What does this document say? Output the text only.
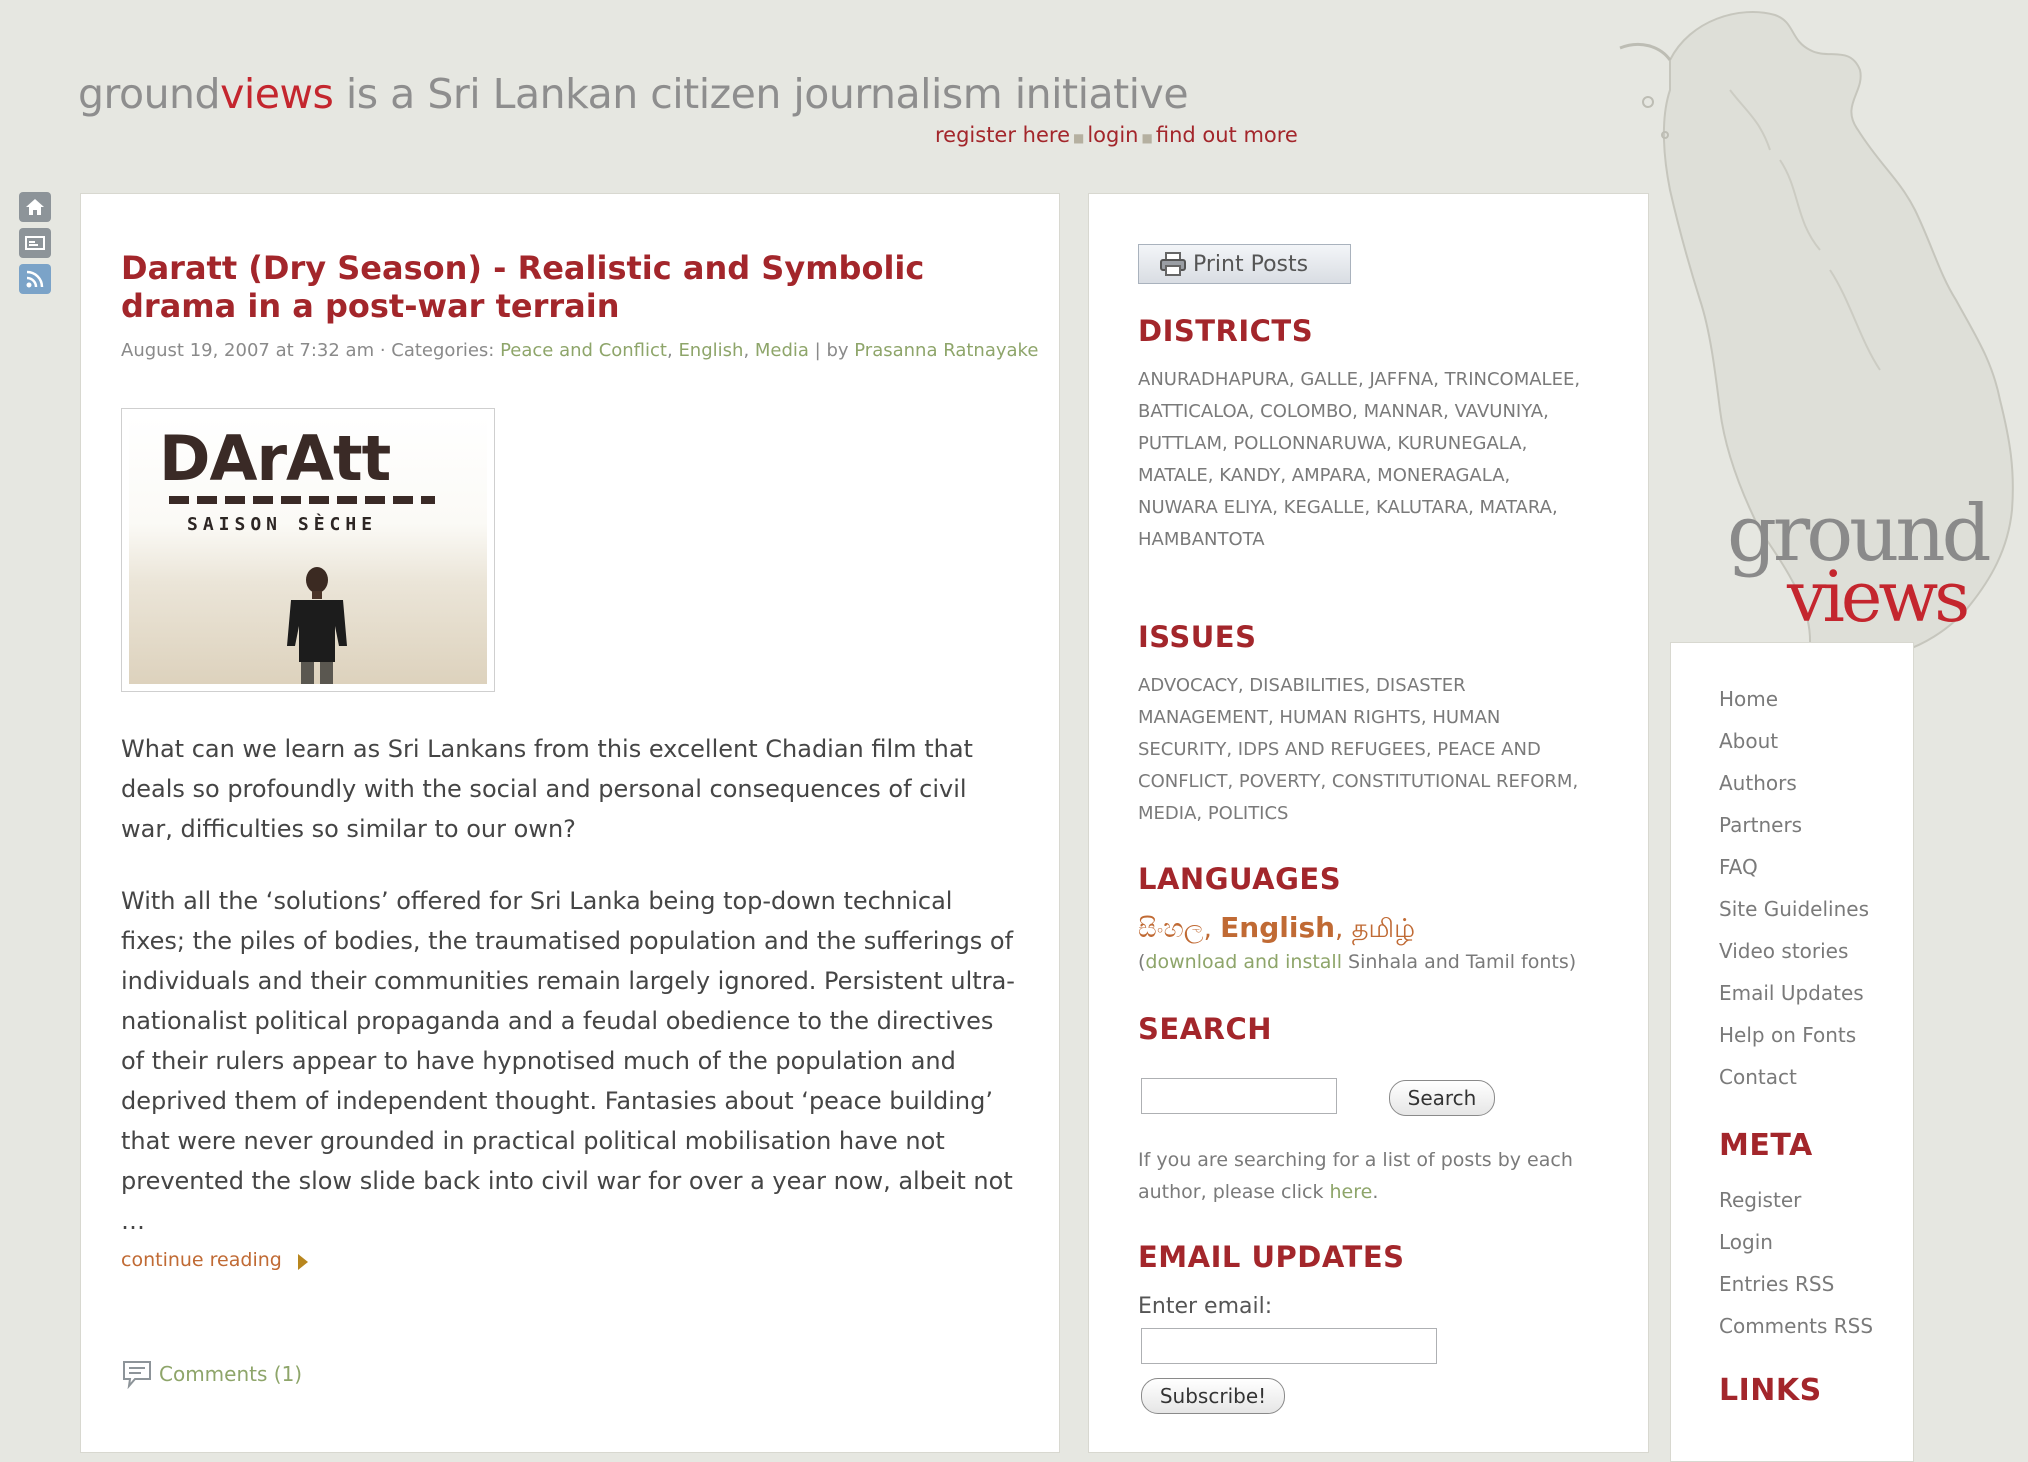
groundviews is a Sri Lankan citizen journalism initiative
register here ■ login ■ find out more
ground
views
Daratt (Dry Season) - Realistic and Symbolic drama in a post-war terrain
August 19, 2007 at 7:32 am · Categories: Peace and Conflict, English, Media | by Prasanna Ratnayake
DArAtt
SAISON SÈCHE

What can we learn as Sri Lankans from this excellent Chadian film that deals so profoundly with the social and personal consequences of civil war, difficulties so similar to our own?

With all the ‘solutions’ offered for Sri Lanka being top-down technical fixes; the piles of bodies, the traumatised population and the sufferings of individuals and their communities remain largely ignored. Persistent ultra-nationalist political propaganda and a feudal obedience to the directives of their rulers appear to have hypnotised much of the population and deprived them of independent thought. Fantasies about ‘peace building’ that were never grounded in practical political mobilisation have not prevented the slow slide back into civil war for over a year now, albeit not …

continue reading
Comments (1)
Print Posts
DISTRICTS
ANURADHAPURA, GALLE, JAFFNA, TRINCOMALEE, BATTICALOA, COLOMBO, MANNAR, VAVUNIYA, PUTTLAM, POLLONNARUWA, KURUNEGALA, MATALE, KANDY, AMPARA, MONERAGALA, NUWARA ELIYA, KEGALLE, KALUTARA, MATARA, HAMBANTOTA
ISSUES
ADVOCACY, DISABILITIES, DISASTER MANAGEMENT, HUMAN RIGHTS, HUMAN SECURITY, IDPS AND REFUGEES, PEACE AND CONFLICT, POVERTY, CONSTITUTIONAL REFORM, MEDIA, POLITICS
LANGUAGES
සිංහල, English, தமிழ்
(download and install Sinhala and Tamil fonts)
SEARCH
Search
If you are searching for a list of posts by each author, please click here.
EMAIL UPDATES
Enter email:
Subscribe!
Home
About
Authors
Partners
FAQ
Site Guidelines
Video stories
Email Updates
Help on Fonts
Contact
META
Register
Login
Entries RSS
Comments RSS
LINKS
